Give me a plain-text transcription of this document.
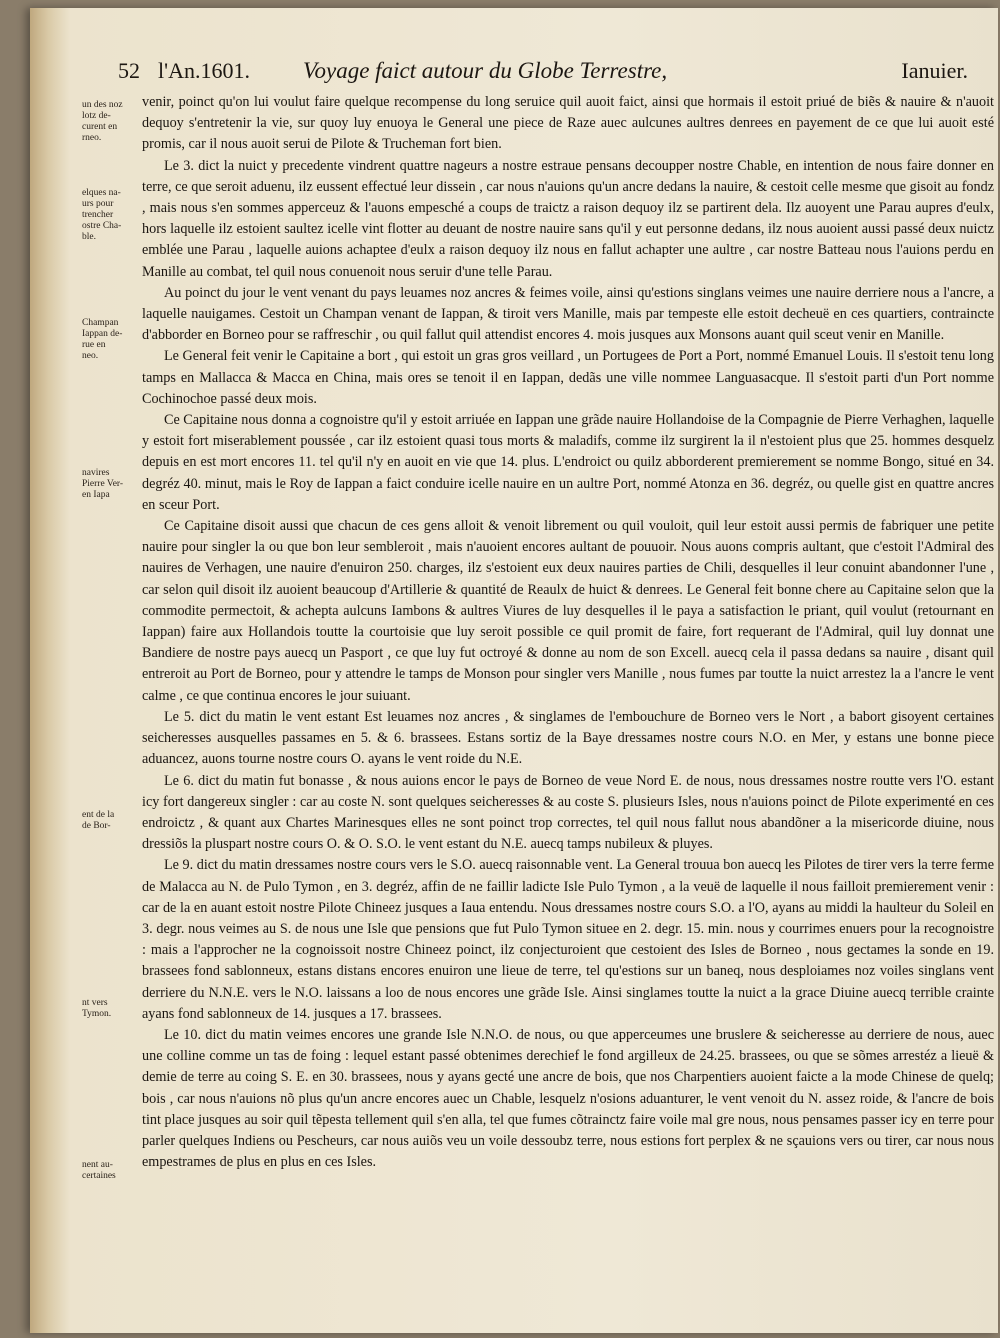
52 l'An.1601. Voyage faict autour du Globe Terrestre,	Ianuier.
un des noz
lotz de-
curent en
rneo.
elques na-
urs pour
trencher
ostre Cha-
ble.
Champan
Iappan de-
rue en
neo.
navires
Pierre Ver-
en Iapa
ent de la
de Bor-
nt vers
Tymon.
nent au-
certaines

venir, poinct qu'on lui voulut faire quelque recompense du long seruice quil auoit faict, ainsi que hormais il estoit priué de biẽs & nauire & n'auoit dequoy s'entretenir la vie, sur quoy luy enuoya le General une piece de Raze auec aulcunes aultres denrees en payement de ce que lui auoit esté promis, car il nous auoit serui de Pilote & Trucheman fort bien.

Le 3. dict la nuict y precedente vindrent quattre nageurs a nostre estraue pensans decoupper nostre Chable, en intention de nous faire donner en terre, ce que seroit aduenu, ilz eussent effectué leur dissein , car nous n'auions qu'un ancre dedans la nauire, & cestoit celle mesme que gisoit au fondz , mais nous s'en sommes apperceuz & l'auons empesché a coups de traictz a raison dequoy ilz se partirent dela. Ilz auoyent une Parau aupres d'eulx, hors laquelle ilz estoient saultez icelle vint flotter au deuant de nostre nauire sans qu'il y eut personne dedans, ilz nous auoient aussi passé deux nuictz emblée une Parau , laquelle auions achaptee d'eulx a raison dequoy ilz nous en fallut achapter une aultre , car nostre Batteau nous l'auions perdu en Manille au combat, tel quil nous conuenoit nous seruir d'une telle Parau.

Au poinct du jour le vent venant du pays leuames noz ancres & feimes voile, ainsi qu'estions singlans veimes une nauire derriere nous a l'ancre, a laquelle nauigames. Cestoit un Champan venant de Iappan, & tiroit vers Manille, mais par tempeste elle estoit decheuë en ces quartiers, contraincte d'abborder en Borneo pour se raffreschir , ou quil fallut quil attendist encores 4. mois jusques aux Monsons auant quil sceut venir en Manille.

Le General feit venir le Capitaine a bort , qui estoit un gras gros veillard , un Portugees de Port a Port, nommé Emanuel Louis. Il s'estoit tenu long tamps en Mallacca & Macca en China, mais ores se tenoit il en Iappan, dedãs une ville nommee Languasacque. Il s'estoit parti d'un Port nomme Cochinochoe passé deux mois.

Ce Capitaine nous donna a cognoistre qu'il y estoit arriuée en Iappan une grãde nauire Hollandoise de la Compagnie de Pierre Verhaghen, laquelle y estoit fort miserablement poussée , car ilz estoient quasi tous morts & maladifs, comme ilz surgirent la il n'estoient plus que 25. hommes desquelz depuis en est mort encores 11. tel qu'il n'y en auoit en vie que 14. plus. L'endroict ou quilz abborderent premierement se nomme Bongo, situé en 34. degréz 40. minut, mais le Roy de Iappan a faict conduire icelle nauire en un aultre Port, nommé Atonza en 36. degréz, ou quelle gist en quattre ancres en sceur Port.

Ce Capitaine disoit aussi que chacun de ces gens alloit & venoit librement ou quil vouloit, quil leur estoit aussi permis de fabriquer une petite nauire pour singler la ou que bon leur sembleroit , mais n'auoient encores aultant de pouuoir. Nous auons compris aultant, que c'estoit l'Admiral des nauires de Verhagen, une nauire d'enuiron 250. charges, ilz s'estoient eux deux nauires parties de Chili, desquelles il leur conuint abandonner l'une , car selon quil disoit ilz auoient beaucoup d'Artillerie & quantité de Reaulx de huict & denrees. Le General feit bonne chere au Capitaine selon que la commodite permectoit, & achepta aulcuns Iambons & aultres Viures de luy desquelles il le paya a satisfaction le priant, quil voulut (retournant en Iappan) faire aux Hollandois toutte la courtoisie que luy seroit possible ce quil promit de faire, fort requerant de l'Admiral, quil luy donnat une Bandiere de nostre pays auecq un Pasport , ce que luy fut octroyé & donne au nom de son Excell. auecq cela il passa dedans sa nauire , disant quil entreroit au Port de Borneo, pour y attendre le tamps de Monson pour singler vers Manille , nous fumes par toutte la nuict arrestez la a l'ancre le vent calme , ce que continua encores le jour suiuant.

Le 5. dict du matin le vent estant Est leuames noz ancres , & singlames de l'embouchure de Borneo vers le Nort , a babort gisoyent certaines seicheresses ausquelles passames en 5. & 6. brassees. Estans sortiz de la Baye dressames nostre cours N.O. en Mer, y estans une bonne piece aduancez, auons tourne nostre cours O. ayans le vent roide du N.E.

Le 6. dict du matin fut bonasse , & nous auions encor le pays de Borneo de veue Nord E. de nous, nous dressames nostre routte vers l'O. estant icy fort dangereux singler : car au coste N. sont quelques seicheresses & au coste S. plusieurs Isles, nous n'auions poinct de Pilote experimenté en ces endroictz , & quant aux Chartes Marinesques elles ne sont poinct trop correctes, tel quil nous fallut nous abandõner a la misericorde diuine, nous dressiõs la pluspart nostre cours O. & O. S.O. le vent estant du N.E. auecq tamps nubileux & pluyes.

Le 9. dict du matin dressames nostre cours vers le S.O. auecq raisonnable vent. La General trouua bon auecq les Pilotes de tirer vers la terre ferme de Malacca au N. de Pulo Tymon , en 3. degréz, affin de ne faillir ladicte Isle Pulo Tymon , a la veuë de laquelle il nous failloit premierement venir : car de la en auant estoit nostre Pilote Chineez jusques a Iaua entendu. Nous dressames nostre cours S.O. a l'O, ayans au middi la haulteur du Soleil en 3. degr. nous veimes au S. de nous une Isle que pensions que fut Pulo Tymon situee en 2. degr. 15. min. nous y courrimes enuers pour la recognoistre : mais a l'approcher ne la cognoissoit nostre Chineez poinct, ilz conjecturoient que cestoient des Isles de Borneo , nous gectames la sonde en 19. brassees fond sablonneux, estans distans encores enuiron une lieue de terre, tel qu'estions sur un baneq, nous desploiames noz voiles singlans vent derriere du N.N.E. vers le N.O. laissans a loo de nous encores une grãde Isle. Ainsi singlames toutte la nuict a la grace Diuine auecq terrible crainte ayans fond sablonneux de 14. jusques a 17. brassees.

Le 10. dict du matin veimes encores une grande Isle N.N.O. de nous, ou que apperceumes une bruslere & seicheresse au derriere de nous, auec une colline comme un tas de foing : lequel estant passé obtenimes derechief le fond argilleux de 24.25. brassees, ou que se sõmes arrestéz a lieuë & demie de terre au coing S. E. en 30. brassees, nous y ayans gecté une ancre de bois, que nos Charpentiers auoient faicte a la mode Chinese de quelq; bois , car nous n'auions nõ plus qu'un ancre encores auec un Chable, lesquelz n'osions aduanturer, le vent venoit du N. assez roide, & l'ancre de bois tint place jusques au soir quil tẽpesta tellement quil s'en alla, tel que fumes cõtrainctz faire voile mal gre nous, nous pensames passer icy en terre pour parler quelques Indiens ou Pescheurs, car nous auiõs veu un voile dessoubz terre, nous estions fort perplex & ne sçauions vers ou tirer, car nous nous empestrames de plus en plus en ces Isles.
